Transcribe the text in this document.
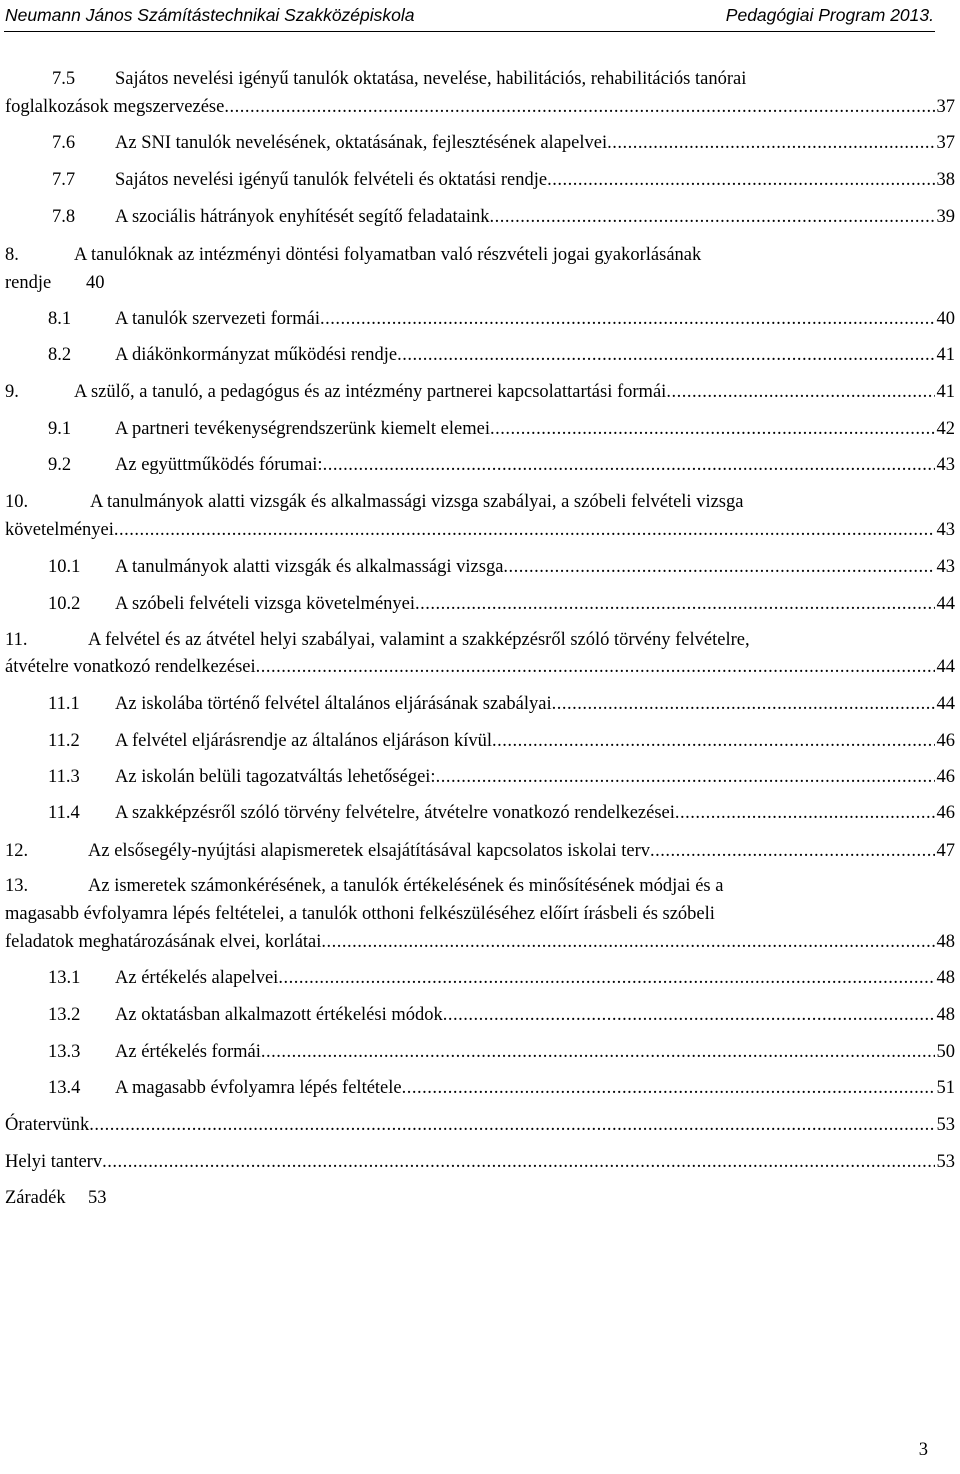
Neumann János Számítástechnikai Szakközépiskola	Pedagógiai Program 2013.
7.5 Sajátos nevelési igényű tanulók oktatása, nevelése, habilitációs, rehabilitációs tanórai
foglalkozások megszervezése .....	37
7.6 Az SNI tanulók nevelésének, oktatásának, fejlesztésének alapelvei .....	37
7.7 Sajátos nevelési igényű tanulók felvételi és oktatási rendje .....	38
7.8 A szociális hátrányok enyhítését segítő feladataink .....	39
8.	A tanulóknak az intézményi döntési folyamatban való részvételi jogai gyakorlásának
rendje 40
8.1 A tanulók szervezeti formái .....	40
8.2 A diákönkormányzat működési rendje .....	41
9.	A szülő, a tanuló, a pedagógus és az intézmény partnerei kapcsolattartási formái .....	41
9.1 A partneri tevékenységrendszerünk kiemelt elemei .....	42
9.2 Az együttműködés fórumai: .....	43
10.	A tanulmányok alatti vizsgák és alkalmassági vizsga szabályai, a szóbeli felvételi vizsga
követelményei .....	43
10.1 A tanulmányok alatti vizsgák és alkalmassági vizsga .....	43
10.2 A szóbeli felvételi vizsga követelményei .....	44
11.	A felvétel és az átvétel helyi szabályai, valamint a szakképzésről szóló törvény felvételre,
átvételre vonatkozó rendelkezései .....	44
11.1 Az iskolába történő felvétel általános eljárásának szabályai .....	44
11.2 A felvétel eljárásrendje az általános eljáráson kívül .....	46
11.3 Az iskolán belüli tagozatváltás lehetőségei: .....	46
11.4 A szakképzésről szóló törvény felvételre, átvételre vonatkozó rendelkezései .....	46
12.	Az elsősegély-nyújtási alapismeretek elsajátításával kapcsolatos iskolai terv .....	47
13.	Az ismeretek számonkérésének, a tanulók értékelésének és minősítésének módjai és a
magasabb évfolyamra lépés feltételei, a tanulók otthoni felkészüléséhez előírt írásbeli és szóbeli
feladatok meghatározásának elvei, korlátai .....	48
13.1 Az értékelés alapelvei .....	48
13.2 Az oktatásban alkalmazott értékelési módok .....	48
13.3 Az értékelés formái .....	50
13.4 A magasabb évfolyamra lépés feltétele .....	51
Óratervünk .....	53
Helyi tanterv .....	53
Záradék 53
3
